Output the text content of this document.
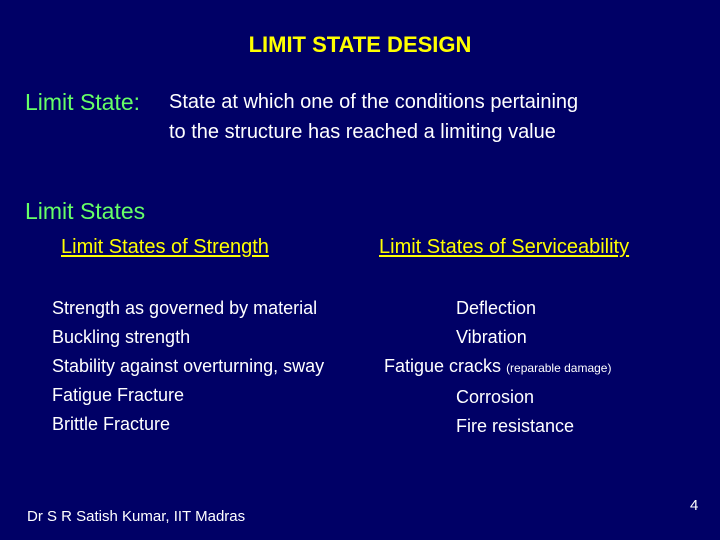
LIMIT STATE DESIGN
Limit State: State at which one of the conditions pertaining
to the structure has reached a limiting value
Limit States
Limit States of Strength	Limit States of Serviceability
Strength as governed by material
Buckling strength
Stability against overturning, sway
Fatigue Fracture
Brittle Fracture
Deflection
Vibration
Fatigue cracks (reparable damage)
Corrosion
Fire resistance
Dr S R Satish Kumar, IIT Madras
4
